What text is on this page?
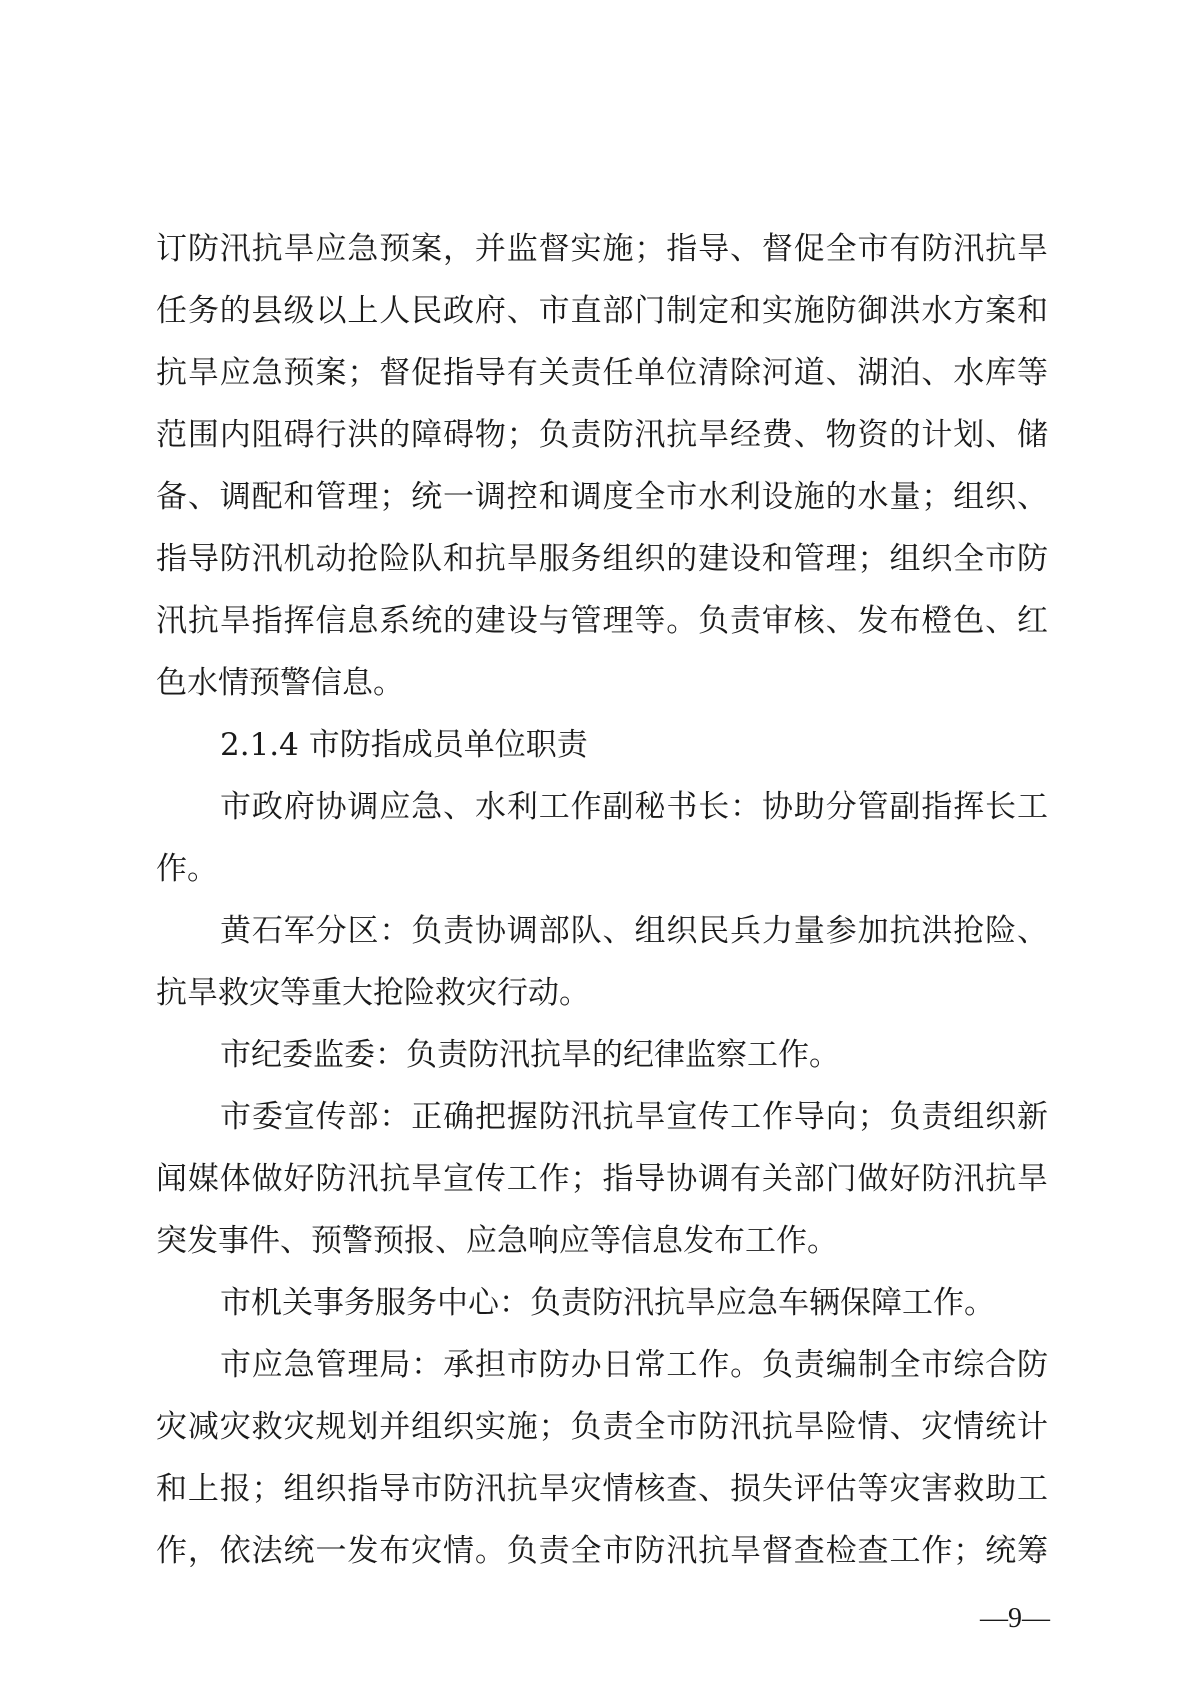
订防汛抗旱应急预案，并监督实施；指导、督促全市有防汛抗旱
任务的县级以上人民政府、市直部门制定和实施防御洪水方案和
抗旱应急预案；督促指导有关责任单位清除河道、湖泊、水库等
范围内阻碍行洪的障碍物；负责防汛抗旱经费、物资的计划、储
备、调配和管理；统一调控和调度全市水利设施的水量；组织、
指导防汛机动抢险队和抗旱服务组织的建设和管理；组织全市防
汛抗旱指挥信息系统的建设与管理等。负责审核、发布橙色、红
色水情预警信息。
2.1.4 市防指成员单位职责
市政府协调应急、水利工作副秘书长：协助分管副指挥长工
作。
黄石军分区：负责协调部队、组织民兵力量参加抗洪抢险、
抗旱救灾等重大抢险救灾行动。
市纪委监委：负责防汛抗旱的纪律监察工作。
市委宣传部：正确把握防汛抗旱宣传工作导向；负责组织新
闻媒体做好防汛抗旱宣传工作；指导协调有关部门做好防汛抗旱
突发事件、预警预报、应急响应等信息发布工作。
市机关事务服务中心：负责防汛抗旱应急车辆保障工作。
市应急管理局：承担市防办日常工作。负责编制全市综合防
灾减灾救灾规划并组织实施；负责全市防汛抗旱险情、灾情统计
和上报；组织指导市防汛抗旱灾情核查、损失评估等灾害救助工
作，依法统一发布灾情。负责全市防汛抗旱督查检查工作；统筹
—9—
